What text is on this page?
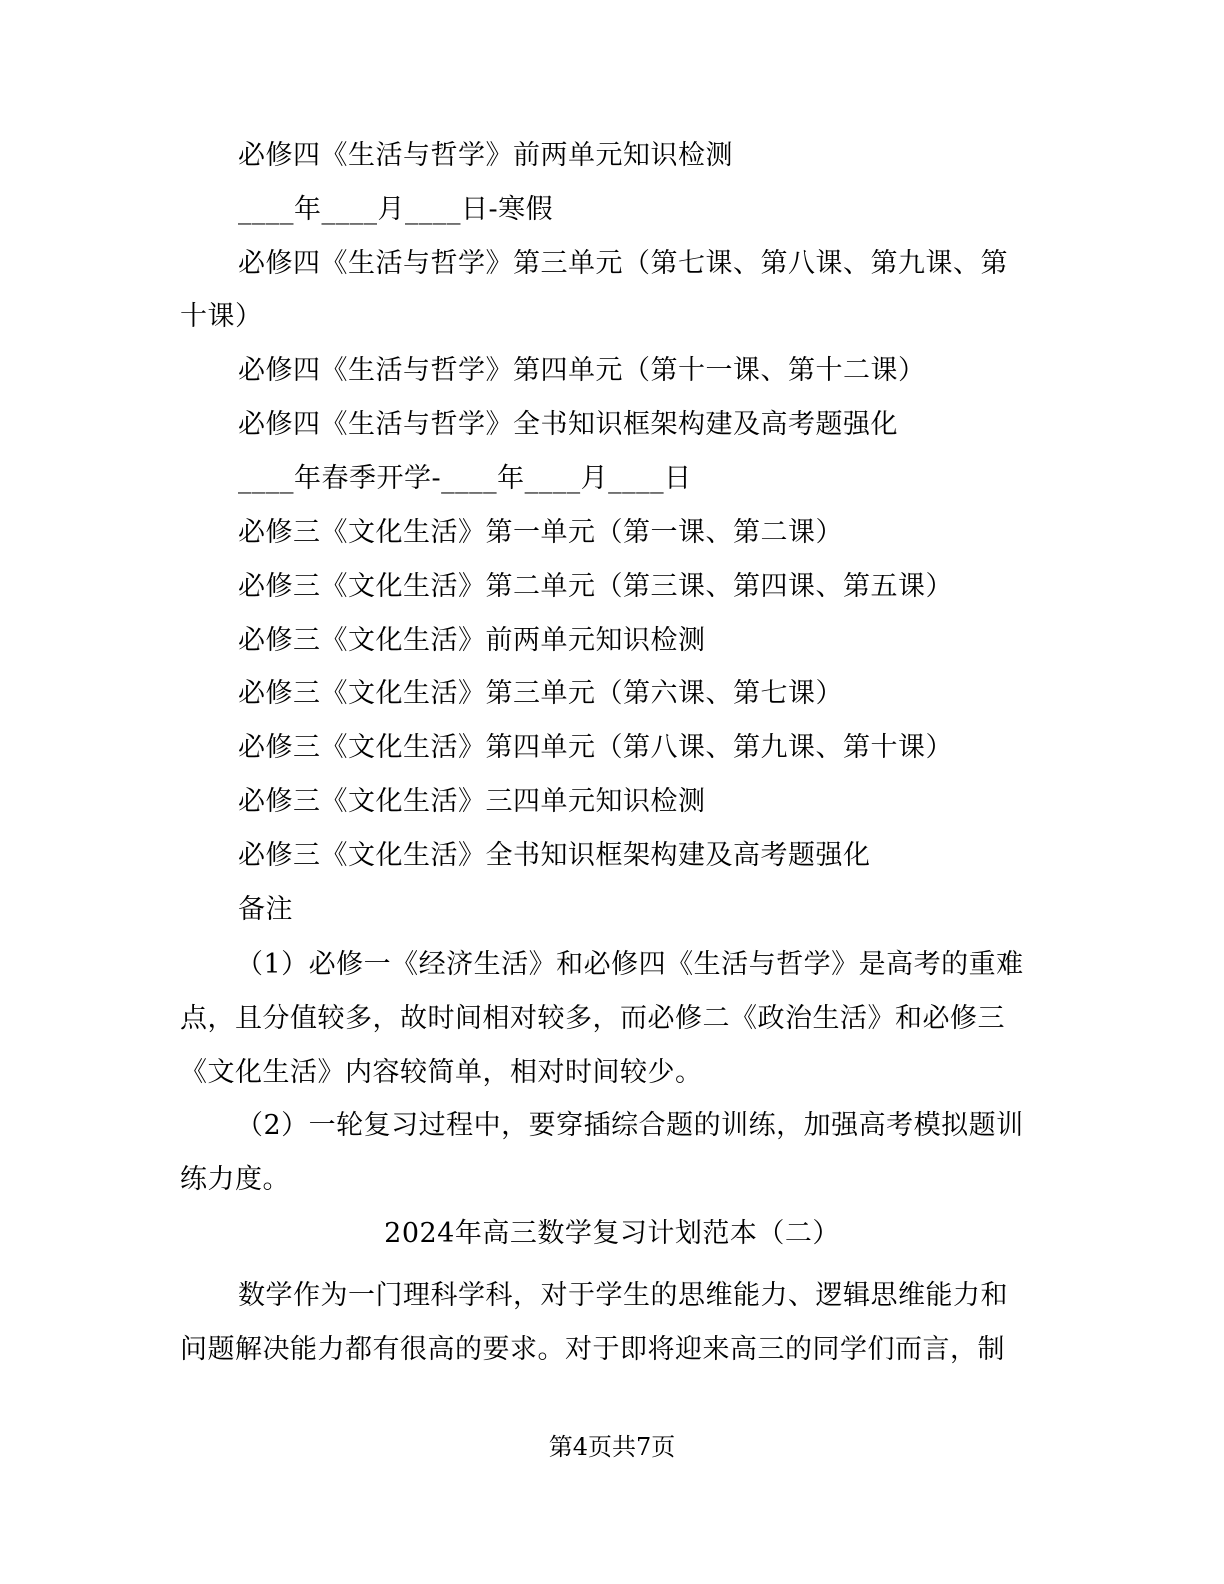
必修四《生活与哲学》前两单元知识检测
____年____月____日-寒假
必修四《生活与哲学》第三单元（第七课、第八课、第九课、第
十课）
必修四《生活与哲学》第四单元（第十一课、第十二课）
必修四《生活与哲学》全书知识框架构建及高考题强化
____年春季开学-____年____月____日
必修三《文化生活》第一单元（第一课、第二课）
必修三《文化生活》第二单元（第三课、第四课、第五课）
必修三《文化生活》前两单元知识检测
必修三《文化生活》第三单元（第六课、第七课）
必修三《文化生活》第四单元（第八课、第九课、第十课）
必修三《文化生活》三四单元知识检测
必修三《文化生活》全书知识框架构建及高考题强化
备注
（1）必修一《经济生活》和必修四《生活与哲学》是高考的重难
点，且分值较多，故时间相对较多，而必修二《政治生活》和必修三
《文化生活》内容较简单，相对时间较少。
（2）一轮复习过程中，要穿插综合题的训练，加强高考模拟题训
练力度。
2024年高三数学复习计划范本（二）
数学作为一门理科学科，对于学生的思维能力、逻辑思维能力和
问题解决能力都有很高的要求。对于即将迎来高三的同学们而言，制
第4页共7页
